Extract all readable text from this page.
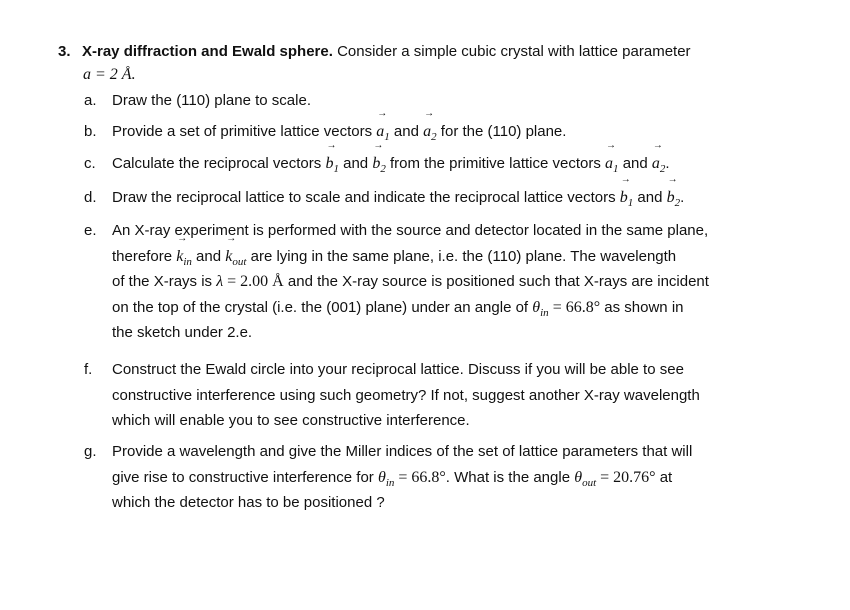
3. X-ray diffraction and Ewald sphere. Consider a simple cubic crystal with lattice parameter
a = 2 Å.
a.	Draw the (110) plane to scale.
b.	Provide a set of primitive lattice vectors → $a_1$ and → $a_2$ for the (110) plane.
c.	Calculate the reciprocal vectors → $b_1$ and → $b_2$ from the primitive lattice vectors → $a_1$ and → $a_2$.
d.	Draw the reciprocal lattice to scale and indicate the reciprocal lattice vectors → $b_1$ and → $b_2$.
e.	An X-ray experiment is performed with the source and detector located in the same plane,
therefore → $k_{in}$ and → $k_{out}$ are lying in the same plane, i.e. the (110) plane. The wavelength
of the X-rays is λ = 2.00 Å and the X-ray source is positioned such that X-rays are incident
on the top of the crystal (i.e. the (001) plane) under an angle of $\theta_{in} = 66.8^\circ$ as shown in
the sketch under 2.e.
f.	Construct the Ewald circle into your reciprocal lattice. Discuss if you will be able to see
constructive interference using such geometry? If not, suggest another X-ray wavelength
which will enable you to see constructive interference.
g.	Provide a wavelength and give the Miller indices of the set of lattice parameters that will
give rise to constructive interference for $\theta_{in} = 66.8^\circ$. What is the angle $\theta_{out} = 20.76^\circ$ at
which the detector has to be positioned ?
